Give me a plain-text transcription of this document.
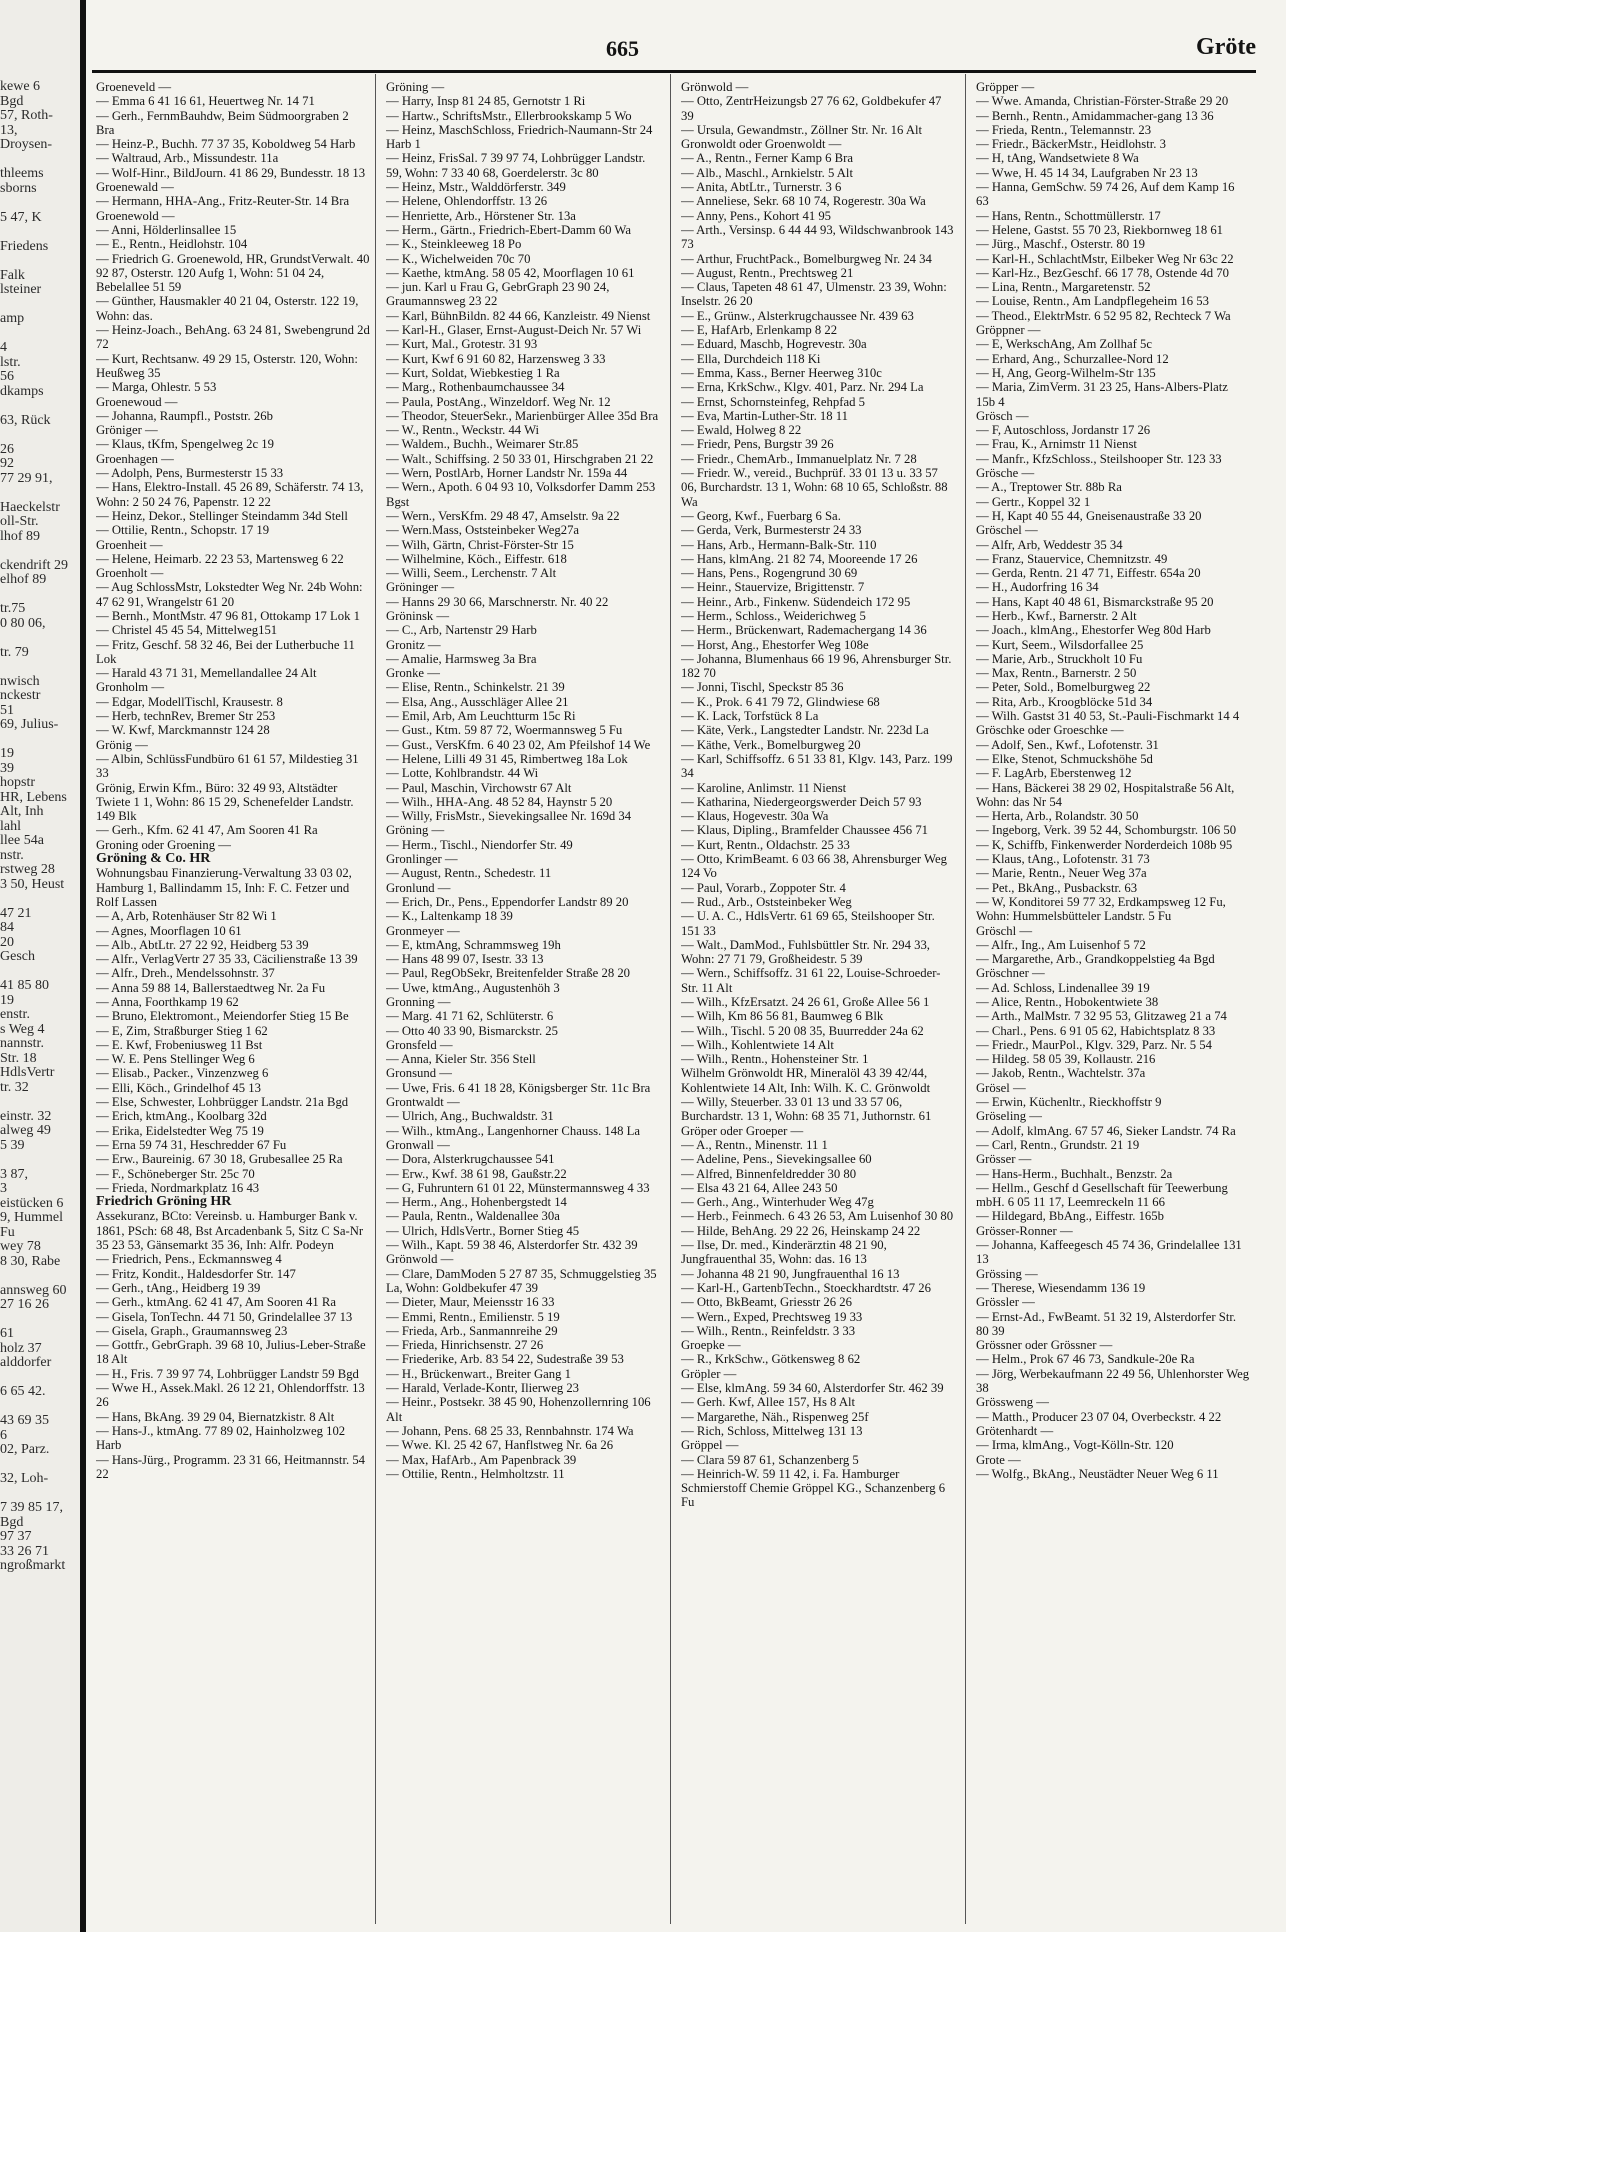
kewe 6
Bgd
57, Roth-
13,
Droysen-
thleems
sborns
5 47, K
Friedens
Falk
lsteiner
amp
4
lstr.
56
dkamps
63, Rück
26
92
77 29 91,
Haeckelstr
oll-Str.
lhof 89
ckendrift 29
elhof 89
tr.75
0 80 06,
tr. 79
nwisch
nckestr
51
69, Julius-
19
39
hopstr
HR, Lebens
Alt, Inh
lahl
llee 54a
nstr.
rstweg 28
3 50, Heust
47 21
84
20
Gesch
41 85 80
19
enstr.
s Weg 4
nannstr.
Str. 18
HdlsVertr
tr. 32
einstr. 32
alweg 49
5 39
3 87,
3
eistücken 6
9, Hummel
Fu
wey 78
8 30, Rabe
annsweg 60
27 16 26
61
holz 37
alddorfer
6 65 42.
43 69 35
6
02, Parz.
32, Loh-
7 39 85 17,
Bgd
97 37
33 26 71
ngroßmarkt
665	Gröte

Groeneveld —

— Emma 6 41 16 61, Heuertweg Nr. 14 71

— Gerh., FernmBauhdw, Beim Südmoorgraben 2 Bra

— Heinz-P., Buchh. 77 37 35, Koboldweg 54 Harb

— Waltraud, Arb., Missundestr. 11a

— Wolf-Hinr., BildJourn. 41 86 29, Bundesstr. 18 13

Groenewald —

— Hermann, HHA-Ang., Fritz-Reuter-Str. 14 Bra

Groenewold —

— Anni, Hölderlinsallee 15

— E., Rentn., Heidlohstr. 104

— Friedrich G. Groenewold, HR, GrundstVerwalt. 40 92 87, Osterstr. 120 Aufg 1, Wohn: 51 04 24, Bebelallee 51 59

— Günther, Hausmakler 40 21 04, Osterstr. 122 19, Wohn: das.

— Heinz-Joach., BehAng. 63 24 81, Swebengrund 2d 72

— Kurt, Rechtsanw. 49 29 15, Osterstr. 120, Wohn: Heußweg 35

— Marga, Ohlestr. 5 53

Groenewoud —

— Johanna, Raumpfl., Poststr. 26b

Gröniger —

— Klaus, tKfm, Spengelweg 2c 19

Groenhagen —

— Adolph, Pens, Burmesterstr 15 33

— Hans, Elektro-Install. 45 26 89, Schäferstr. 74 13, Wohn: 2 50 24 76, Papenstr. 12 22

— Heinz, Dekor., Stellinger Steindamm 34d Stell

— Ottilie, Rentn., Schopstr. 17 19

Groenheit —

— Helene, Heimarb. 22 23 53, Martensweg 6 22

Groenholt —

— Aug SchlossMstr, Lokstedter Weg Nr. 24b Wohn: 47 62 91, Wrangelstr 61 20

— Bernh., MontMstr. 47 96 81, Ottokamp 17 Lok 1

— Christel 45 45 54, Mittelweg151

— Fritz, Geschf. 58 32 46, Bei der Lutherbuche 11 Lok

— Harald 43 71 31, Memellandallee 24 Alt

Gronholm —

— Edgar, ModellTischl, Krausestr. 8

— Herb, technRev, Bremer Str 253

— W. Kwf, Marckmannstr 124 28

Grönig —

— Albin, SchlüssFundbüro 61 61 57, Mildestieg 31 33

Grönig, Erwin Kfm., Büro: 32 49 93, Altstädter Twiete 1 1, Wohn: 86 15 29, Schenefelder Landstr. 149 Blk

— Gerh., Kfm. 62 41 47, Am Sooren 41 Ra

Groning oder Groening —

Gröning & Co. HR

Wohnungsbau Finanzierung-Verwaltung 33 03 02, Hamburg 1, Ballindamm 15, Inh: F. C. Fetzer und Rolf Lassen

— A, Arb, Rotenhäuser Str 82 Wi 1

— Agnes, Moorflagen 10 61

— Alb., AbtLtr. 27 22 92, Heidberg 53 39

— Alfr., VerlagVertr 27 35 33, Cäcilienstraße 13 39

— Alfr., Dreh., Mendelssohnstr. 37

— Anna 59 88 14, Ballerstaedtweg Nr. 2a Fu

— Anna, Foorthkamp 19 62

— Bruno, Elektromont., Meiendorfer Stieg 15 Be

— E, Zim, Straßburger Stieg 1 62

— E. Kwf, Frobeniusweg 11 Bst

— W. E. Pens Stellinger Weg 6

— Elisab., Packer., Vinzenzweg 6

— Elli, Köch., Grindelhof 45 13

— Else, Schwester, Lohbrügger Landstr. 21a Bgd

— Erich, ktmAng., Koolbarg 32d

— Erika, Eidelstedter Weg 75 19

— Erna 59 74 31, Heschredder 67 Fu

— Erw., Baureinig. 67 30 18, Grubesallee 25 Ra

— F., Schöneberger Str. 25c 70

— Frieda, Nordmarkplatz 16 43

Friedrich Gröning HR

Assekuranz, BCto: Vereinsb. u. Hamburger Bank v. 1861, PSch: 68 48, Bst Arcadenbank 5, Sitz C Sa-Nr 35 23 53, Gänsemarkt 35 36, Inh: Alfr. Podeyn

— Friedrich, Pens., Eckmannsweg 4

— Fritz, Kondit., Haldesdorfer Str. 147

— Gerh., tAng., Heidberg 19 39

— Gerh., ktmAng. 62 41 47, Am Sooren 41 Ra

— Gisela, TonTechn. 44 71 50, Grindelallee 37 13

— Gisela, Graph., Graumannsweg 23

— Gottfr., GebrGraph. 39 68 10, Julius-Leber-Straße 18 Alt

— H., Fris. 7 39 97 74, Lohbrügger Landstr 59 Bgd

— Wwe H., Assek.Makl. 26 12 21, Ohlendorffstr. 13 26

— Hans, BkAng. 39 29 04, Biernatzkistr. 8 Alt

— Hans-J., ktmAng. 77 89 02, Hainholzweg 102 Harb

— Hans-Jürg., Programm. 23 31 66, Heitmannstr. 54 22

Gröning —

— Harry, Insp 81 24 85, Gernotstr 1 Ri

— Hartw., SchriftsMstr., Ellerbrookskamp 5 Wo

— Heinz, MaschSchloss, Friedrich-Naumann-Str 24 Harb 1

— Heinz, FrisSal. 7 39 97 74, Lohbrügger Landstr. 59, Wohn: 7 33 40 68, Goerdelerstr. 3c 80

— Heinz, Mstr., Walddörferstr. 349

— Helene, Ohlendorffstr. 13 26

— Henriette, Arb., Hörstener Str. 13a

— Herm., Gärtn., Friedrich-Ebert-Damm 60 Wa

— K., Steinkleeweg 18 Po

— K., Wichelweiden 70c 70

— Kaethe, ktmAng. 58 05 42, Moorflagen 10 61

— jun. Karl u Frau G, GebrGraph 23 90 24, Graumannsweg 23 22

— Karl, BühnBildn. 82 44 66, Kanzleistr. 49 Nienst

— Karl-H., Glaser, Ernst-August-Deich Nr. 57 Wi

— Kurt, Mal., Grotestr. 31 93

— Kurt, Kwf 6 91 60 82, Harzensweg 3 33

— Kurt, Soldat, Wiebkestieg 1 Ra

— Marg., Rothenbaumchaussee 34

— Paula, PostAng., Winzeldorf. Weg Nr. 12

— Theodor, SteuerSekr., Marienbürger Allee 35d Bra

— W., Rentn., Weckstr. 44 Wi

— Waldem., Buchh., Weimarer Str.85

— Walt., Schiffsing. 2 50 33 01, Hirschgraben 21 22

— Wern, PostlArb, Horner Landstr Nr. 159a 44

— Wern., Apoth. 6 04 93 10, Volksdorfer Damm 253 Bgst

— Wern., VersKfm. 29 48 47, Amselstr. 9a 22

— Wern.Mass, Oststeinbeker Weg27a

— Wilh, Gärtn, Christ-Förster-Str 15

— Wilhelmine, Köch., Eiffestr. 618

— Willi, Seem., Lerchenstr. 7 Alt

Gröninger —

— Hanns 29 30 66, Marschnerstr. Nr. 40 22

Gröninsk —

— C., Arb, Nartenstr 29 Harb

Gronitz —

— Amalie, Harmsweg 3a Bra

Gronke —

— Elise, Rentn., Schinkelstr. 21 39

— Elsa, Ang., Ausschläger Allee 21

— Emil, Arb, Am Leuchtturm 15c Ri

— Gust., Ktm. 59 87 72, Woermannsweg 5 Fu

— Gust., VersKfm. 6 40 23 02, Am Pfeilshof 14 We

— Helene, Lilli 49 31 45, Rimbertweg 18a Lok

— Lotte, Kohlbrandstr. 44 Wi

— Paul, Maschin, Virchowstr 67 Alt

— Wilh., HHA-Ang. 48 52 84, Haynstr 5 20

— Willy, FrisMstr., Sievekingsallee Nr. 169d 34

Gröning —

— Herm., Tischl., Niendorfer Str. 49

Gronlinger —

— August, Rentn., Schedestr. 11

Gronlund —

— Erich, Dr., Pens., Eppendorfer Landstr 89 20

— K., Laltenkamp 18 39

Gronmeyer —

— E, ktmAng, Schrammsweg 19h

— Hans 48 99 07, Isestr. 33 13

— Paul, RegObSekr, Breitenfelder Straße 28 20

— Uwe, ktmAng., Augustenhöh 3

Gronning —

— Marg. 41 71 62, Schlüterstr. 6

— Otto 40 33 90, Bismarckstr. 25

Gronsfeld —

— Anna, Kieler Str. 356 Stell

Gronsund —

— Uwe, Fris. 6 41 18 28, Königsberger Str. 11c Bra

Grontwaldt —

— Ulrich, Ang., Buchwaldstr. 31

— Wilh., ktmAng., Langenhorner Chauss. 148 La

Gronwall —

— Dora, Alsterkrugchaussee 541

— Erw., Kwf. 38 61 98, Gaußstr.22

— G, Fuhruntern 61 01 22, Münstermannsweg 4 33

— Herm., Ang., Hohenbergstedt 14

— Paula, Rentn., Waldenallee 30a

— Ulrich, HdlsVertr., Borner Stieg 45

— Wilh., Kapt. 59 38 46, Alsterdorfer Str. 432 39

Grönwold —

— Clare, DamModen 5 27 87 35, Schmuggelstieg 35 La, Wohn: Goldbekufer 47 39

— Dieter, Maur, Meiensstr 16 33

— Emmi, Rentn., Emilienstr. 5 19

— Frieda, Arb., Sanmannreihe 29

— Frieda, Hinrichsenstr. 27 26

— Friederike, Arb. 83 54 22, Sudestraße 39 53

— H., Brückenwart., Breiter Gang 1

— Harald, Verlade-Kontr, Ilierweg 23

— Heinr., Postsekr. 38 45 90, Hohenzollernring 106 Alt

— Johann, Pens. 68 25 33, Rennbahnstr. 174 Wa

— Wwe. Kl. 25 42 67, Hanflstweg Nr. 6a 26

— Max, HafArb., Am Papenbrack 39

— Ottilie, Rentn., Helmholtzstr. 11

Grönwold —

— Otto, ZentrHeizungsb 27 76 62, Goldbekufer 47 39

— Ursula, Gewandmstr., Zöllner Str. Nr. 16 Alt

Gronwoldt oder Groenwoldt —

— A., Rentn., Ferner Kamp 6 Bra

— Alb., Maschl., Arnkielstr. 5 Alt

— Anita, AbtLtr., Turnerstr. 3 6

— Anneliese, Sekr. 68 10 74, Rogerestr. 30a Wa

— Anny, Pens., Kohort 41 95

— Arth., Versinsp. 6 44 44 93, Wildschwanbrook 143 73

— Arthur, FruchtPack., Bomelburgweg Nr. 24 34

— August, Rentn., Prechtsweg 21

— Claus, Tapeten 48 61 47, Ulmenstr. 23 39, Wohn: Inselstr. 26 20

— E., Grünw., Alsterkrugchaussee Nr. 439 63

— E, HafArb, Erlenkamp 8 22

— Eduard, Maschb, Hogrevestr. 30a

— Ella, Durchdeich 118 Ki

— Emma, Kass., Berner Heerweg 310c

— Erna, KrkSchw., Klgv. 401, Parz. Nr. 294 La

— Ernst, Schornsteinfeg, Rehpfad 5

— Eva, Martin-Luther-Str. 18 11

— Ewald, Holweg 8 22

— Friedr, Pens, Burgstr 39 26

— Friedr., ChemArb., Immanuelplatz Nr. 7 28

— Friedr. W., vereid., Buchprüf. 33 01 13 u. 33 57 06, Burchardstr. 13 1, Wohn: 68 10 65, Schloßstr. 88 Wa

— Georg, Kwf., Fuerbarg 6 Sa.

— Gerda, Verk, Burmesterstr 24 33

— Hans, Arb., Hermann-Balk-Str. 110

— Hans, klmAng. 21 82 74, Mooreende 17 26

— Hans, Pens., Rogengrund 30 69

— Heinr., Stauervize, Brigittenstr. 7

— Heinr., Arb., Finkenw. Südendeich 172 95

— Herm., Schloss., Weiderichweg 5

— Herm., Brückenwart, Rademachergang 14 36

— Horst, Ang., Ehestorfer Weg 108e

— Johanna, Blumenhaus 66 19 96, Ahrensburger Str. 182 70

— Jonni, Tischl, Speckstr 85 36

— K., Prok. 6 41 79 72, Glindwiese 68

— K. Lack, Torfstück 8 La

— Käte, Verk., Langstedter Landstr. Nr. 223d La

— Käthe, Verk., Bomelburgweg 20

— Karl, Schiffsoffz. 6 51 33 81, Klgv. 143, Parz. 199 34

— Karoline, Anlimstr. 11 Nienst

— Katharina, Niedergeorgswerder Deich 57 93

— Klaus, Hogevestr. 30a Wa

— Klaus, Dipling., Bramfelder Chaussee 456 71

— Kurt, Rentn., Oldachstr. 25 33

— Otto, KrimBeamt. 6 03 66 38, Ahrensburger Weg 124 Vo

— Paul, Vorarb., Zoppoter Str. 4

— Rud., Arb., Oststeinbeker Weg

— U. A. C., HdlsVertr. 61 69 65, Steilshooper Str. 151 33

— Walt., DamMod., Fuhlsbüttler Str. Nr. 294 33, Wohn: 27 71 79, Großheidestr. 5 39

— Wern., Schiffsoffz. 31 61 22, Louise-Schroeder-Str. 11 Alt

— Wilh., KfzErsatzt. 24 26 61, Große Allee 56 1

— Wilh, Km 86 56 81, Baumweg 6 Blk

— Wilh., Tischl. 5 20 08 35, Buurredder 24a 62

— Wilh., Kohlentwiete 14 Alt

— Wilh., Rentn., Hohensteiner Str. 1

Wilhelm Grönwoldt HR, Mineralöl 43 39 42/44, Kohlentwiete 14 Alt, Inh: Wilh. K. C. Grönwoldt

— Willy, Steuerber. 33 01 13 und 33 57 06, Burchardstr. 13 1, Wohn: 68 35 71, Juthornstr. 61

Gröper oder Groeper —

— A., Rentn., Minenstr. 11 1

— Adeline, Pens., Sievekingsallee 60

— Alfred, Binnenfeldredder 30 80

— Elsa 43 21 64, Allee 243 50

— Gerh., Ang., Winterhuder Weg 47g

— Herb., Feinmech. 6 43 26 53, Am Luisenhof 30 80

— Hilde, BehAng. 29 22 26, Heinskamp 24 22

— Ilse, Dr. med., Kinderärztin 48 21 90, Jungfrauenthal 35, Wohn: das. 16 13

— Johanna 48 21 90, Jungfrauenthal 16 13

— Karl-H., GartenbTechn., Stoeckhardtstr. 47 26

— Otto, BkBeamt, Griesstr 26 26

— Wern., Exped, Prechtsweg 19 33

— Wilh., Rentn., Reinfeldstr. 3 33

Groepke —

— R., KrkSchw., Götkensweg 8 62

Gröpler —

— Else, klmAng. 59 34 60, Alsterdorfer Str. 462 39

— Gerh. Kwf, Allee 157, Hs 8 Alt

— Margarethe, Näh., Rispenweg 25f

— Rich, Schloss, Mittelweg 131 13

Gröppel —

— Clara 59 87 61, Schanzenberg 5

— Heinrich-W. 59 11 42, i. Fa. Hamburger Schmierstoff Chemie Gröppel KG., Schanzenberg 6 Fu

Gröpper —

— Wwe. Amanda, Christian-Förster-Straße 29 20

— Bernh., Rentn., Amidammacher-gang 13 36

— Frieda, Rentn., Telemannstr. 23

— Friedr., BäckerMstr., Heidlohstr. 3

— H, tAng, Wandsetwiete 8 Wa

— Wwe, H. 45 14 34, Laufgraben Nr 23 13

— Hanna, GemSchw. 59 74 26, Auf dem Kamp 16 63

— Hans, Rentn., Schottmüllerstr. 17

— Helene, Gastst. 55 70 23, Riekbornweg 18 61

— Jürg., Maschf., Osterstr. 80 19

— Karl-H., SchlachtMstr, Eilbeker Weg Nr 63c 22

— Karl-Hz., BezGeschf. 66 17 78, Ostende 4d 70

— Lina, Rentn., Margaretenstr. 52

— Louise, Rentn., Am Landpflegeheim 16 53

— Theod., ElektrMstr. 6 52 95 82, Rechteck 7 Wa

Gröppner —

— E, WerkschAng, Am Zollhaf 5c

— Erhard, Ang., Schurzallee-Nord 12

— H, Ang, Georg-Wilhelm-Str 135

— Maria, ZimVerm. 31 23 25, Hans-Albers-Platz 15b 4

Grösch —

— F, Autoschloss, Jordanstr 17 26

— Frau, K., Arnimstr 11 Nienst

— Manfr., KfzSchloss., Steilshooper Str. 123 33

Grösche —

— A., Treptower Str. 88b Ra

— Gertr., Koppel 32 1

— H, Kapt 40 55 44, Gneisenaustraße 33 20

Gröschel —

— Alfr, Arb, Weddestr 35 34

— Franz, Stauervice, Chemnitzstr. 49

— Gerda, Rentn. 21 47 71, Eiffestr. 654a 20

— H., Audorfring 16 34

— Hans, Kapt 40 48 61, Bismarckstraße 95 20

— Herb., Kwf., Barnerstr. 2 Alt

— Joach., klmAng., Ehestorfer Weg 80d Harb

— Kurt, Seem., Wilsdorfallee 25

— Marie, Arb., Struckholt 10 Fu

— Max, Rentn., Barnerstr. 2 50

— Peter, Sold., Bomelburgweg 22

— Rita, Arb., Kroogblöcke 51d 34

— Wilh. Gastst 31 40 53, St.-Pauli-Fischmarkt 14 4

Gröschke oder Groeschke —

— Adolf, Sen., Kwf., Lofotenstr. 31

— Elke, Stenot, Schmuckshöhe 5d

— F. LagArb, Eberstenweg 12

— Hans, Bäckerei 38 29 02, Hospitalstraße 56 Alt, Wohn: das Nr 54

— Herta, Arb., Rolandstr. 30 50

— Ingeborg, Verk. 39 52 44, Schomburgstr. 106 50

— K, Schiffb, Finkenwerder Norderdeich 108b 95

— Klaus, tAng., Lofotenstr. 31 73

— Marie, Rentn., Neuer Weg 37a

— Pet., BkAng., Pusbackstr. 63

— W, Konditorei 59 77 32, Erdkampsweg 12 Fu, Wohn: Hummelsbütteler Landstr. 5 Fu

Gröschl —

— Alfr., Ing., Am Luisenhof 5 72

— Margarethe, Arb., Grandkoppelstieg 4a Bgd

Gröschner —

— Ad. Schloss, Lindenallee 39 19

— Alice, Rentn., Hobokentwiete 38

— Arth., MalMstr. 7 32 95 53, Glitzaweg 21 a 74

— Charl., Pens. 6 91 05 62, Habichtsplatz 8 33

— Friedr., MaurPol., Klgv. 329, Parz. Nr. 5 54

— Hildeg. 58 05 39, Kollaustr. 216

— Jakob, Rentn., Wachtelstr. 37a

Grösel —

— Erwin, Küchenltr., Rieckhoffstr 9

Gröseling —

— Adolf, klmAng. 67 57 46, Sieker Landstr. 74 Ra

— Carl, Rentn., Grundstr. 21 19

Grösser —

— Hans-Herm., Buchhalt., Benzstr. 2a

— Hellm., Geschf d Gesellschaft für Teewerbung mbH. 6 05 11 17, Leemreckeln 11 66

— Hildegard, BbAng., Eiffestr. 165b

Grösser-Ronner —

— Johanna, Kaffeegesch 45 74 36, Grindelallee 131 13

Grössing —

— Therese, Wiesendamm 136 19

Grössler —

— Ernst-Ad., FwBeamt. 51 32 19, Alsterdorfer Str. 80 39

Grössner oder Grössner —

— Helm., Prok 67 46 73, Sandkule-20e Ra

— Jörg, Werbekaufmann 22 49 56, Uhlenhorster Weg 38

Grössweng —

— Matth., Producer 23 07 04, Overbeckstr. 4 22

Grötenhardt —

— Irma, klmAng., Vogt-Kölln-Str. 120

Grote —

— Wolfg., BkAng., Neustädter Neuer Weg 6 11
